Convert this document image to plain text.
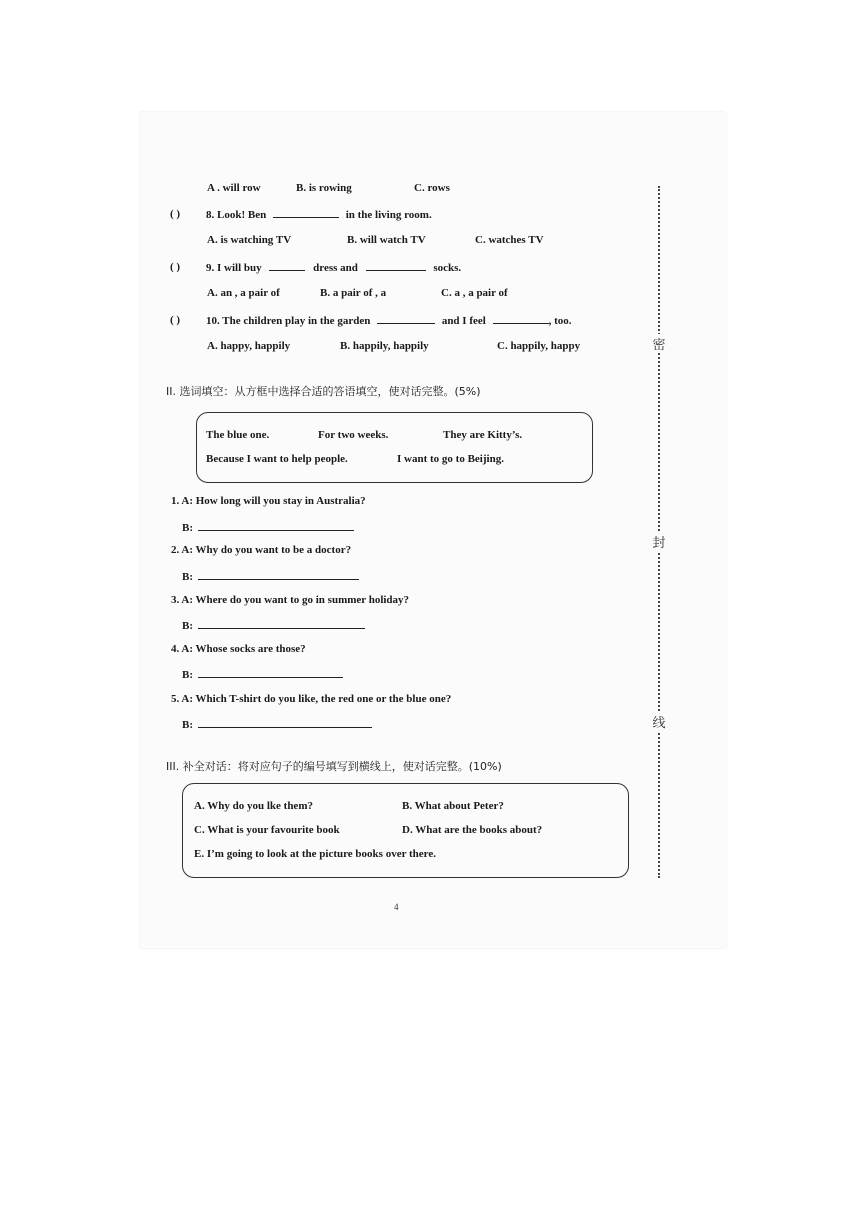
A . will row	B. is rowing	C. rows
( ) 8. Look! Ben	in the living room.
A. is watching TV	B. will watch TV	C. watches TV
( ) 9. I will buy	dress and	socks.
A. an , a pair of	B. a pair of , a	C. a , a pair of
( ) 10. The children play in the garden	and I feel	, too.
A. happy, happily	B. happily, happily	C. happily, happy
II. 选词填空：从方框中选择合适的答语填空，使对话完整。(5%)
The blue one.	For two weeks.	They are Kitty’s.
Because I want to help people.	I want to go to Beijing.
1. A: How long will you stay in Australia?
B:
2. A: Why do you want to be a doctor?
B:
3. A: Where do you want to go in summer holiday?
B:
4. A: Whose socks are those?
B:
5. A: Which T-shirt do you like, the red one or the blue one?
B:
III. 补全对话：将对应句子的编号填写到横线上，使对话完整。(10%)
A. Why do you lke them?	B. What about Peter?
C. What is your favourite book	D. What are the books about?
E. I’m going to look at the picture books over there.
密
封
线
4
